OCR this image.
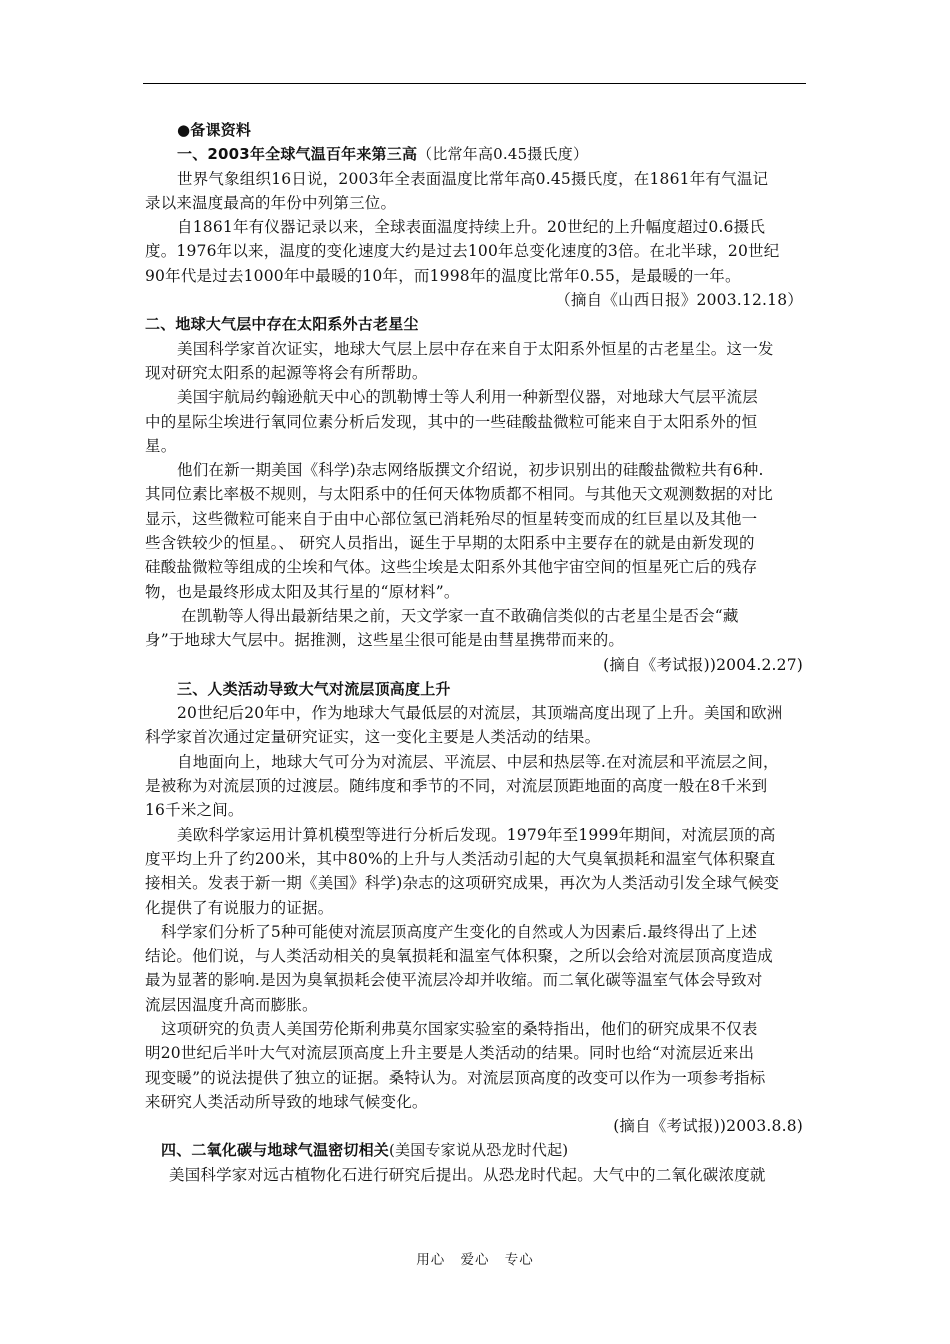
●备课资料
一、2003年全球气温百年来第三高（比常年高0.45摄氏度）
世界气象组织16日说，2003年全表面温度比常年高0.45摄氏度，在1861年有气温记
录以来温度最高的年份中列第三位。
自1861年有仪器记录以来，全球表面温度持续上升。20世纪的上升幅度超过0.6摄氏
度。1976年以来，温度的变化速度大约是过去100年总变化速度的3倍。在北半球，20世纪
90年代是过去1000年中最暖的10年，而1998年的温度比常年0.55，是最暖的一年。
（摘自《山西日报》2003.12.18）
二、地球大气层中存在太阳系外古老星尘
美国科学家首次证实，地球大气层上层中存在来自于太阳系外恒星的古老星尘。这一发
现对研究太阳系的起源等将会有所帮助。
美国宇航局约翰逊航天中心的凯勒博士等人利用一种新型仪器，对地球大气层平流层
中的星际尘埃进行氧同位素分析后发现，其中的一些硅酸盐微粒可能来自于太阳系外的恒
星。
他们在新一期美国《科学)杂志网络版撰文介绍说，初步识别出的硅酸盐微粒共有6种.
其同位素比率极不规则，与太阳系中的任何天体物质都不相同。与其他天文观测数据的对比
显示，这些微粒可能来自于由中心部位氢已消耗殆尽的恒星转变而成的红巨星以及其他一
些含铁较少的恒星。、 研究人员指出，诞生于早期的太阳系中主要存在的就是由新发现的
硅酸盐微粒等组成的尘埃和气体。这些尘埃是太阳系外其他宇宙空间的恒星死亡后的残存
物，也是最终形成太阳及其行星的“原材料”。
在凯勒等人得出最新结果之前，天文学家一直不敢确信类似的古老星尘是否会“藏
身”于地球大气层中。据推测，这些星尘很可能是由彗星携带而来的。
(摘自《考试报))2004.2.27)
三、人类活动导致大气对流层顶高度上升
20世纪后20年中，作为地球大气最低层的对流层，其顶端高度出现了上升。美国和欧洲
科学家首次通过定量研究证实，这一变化主要是人类活动的结果。
自地面向上，地球大气可分为对流层、平流层、中层和热层等.在对流层和平流层之间，
是被称为对流层顶的过渡层。随纬度和季节的不同，对流层顶距地面的高度一般在8千米到
16千米之间。
美欧科学家运用计算机模型等进行分析后发现。1979年至1999年期间，对流层顶的高
度平均上升了约200米，其中80%的上升与人类活动引起的大气臭氧损耗和温室气体积聚直
接相关。发表于新一期《美国》科学)杂志的这项研究成果，再次为人类活动引发全球气候变
化提供了有说服力的证据。
科学家们分析了5种可能使对流层顶高度产生变化的自然或人为因素后.最终得出了上述
结论。他们说，与人类活动相关的臭氧损耗和温室气体积聚，之所以会给对流层顶高度造成
最为显著的影响.是因为臭氧损耗会使平流层冷却并收缩。而二氧化碳等温室气体会导致对
流层因温度升高而膨胀。
这项研究的负责人美国劳伦斯利弗莫尔国家实验室的桑特指出，他们的研究成果不仅表
明20世纪后半叶大气对流层顶高度上升主要是人类活动的结果。同时也给“对流层近来出
现变暖”的说法提供了独立的证据。桑特认为。对流层顶高度的改变可以作为一项参考指标
来研究人类活动所导致的地球气候变化。
(摘自《考试报))2003.8.8)
四、二氧化碳与地球气温密切相关(美国专家说从恐龙时代起)
美国科学家对远古植物化石进行研究后提出。从恐龙时代起。大气中的二氧化碳浓度就
用心 爱心 专心
